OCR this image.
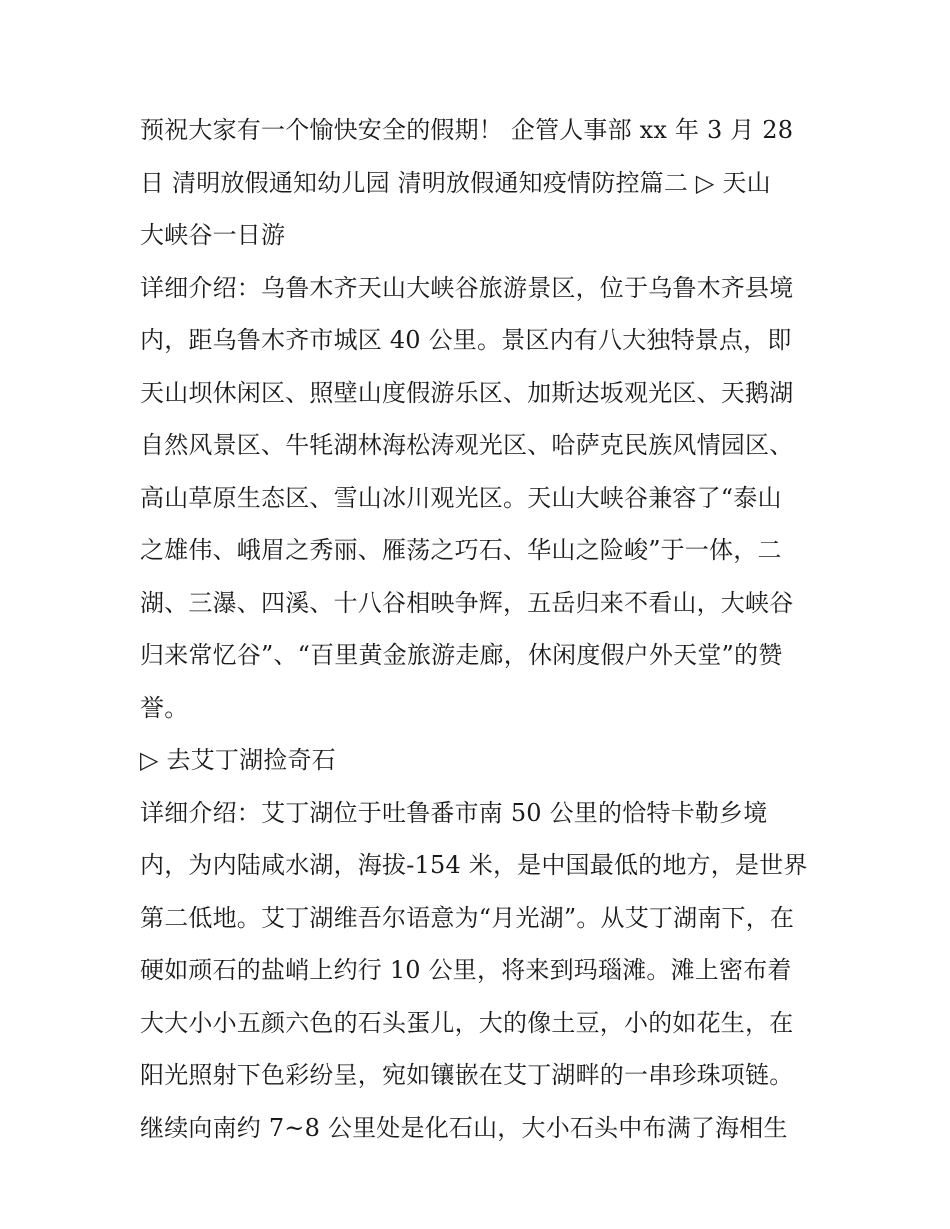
预祝大家有一个愉快安全的假期！ 企管人事部 xx 年 3 月 28
日 清明放假通知幼儿园 清明放假通知疫情防控篇二 ▷ 天山
大峡谷一日游
详细介绍：乌鲁木齐天山大峡谷旅游景区，位于乌鲁木齐县境
内，距乌鲁木齐市城区 40 公里。景区内有八大独特景点，即
天山坝休闲区、照壁山度假游乐区、加斯达坂观光区、天鹅湖
自然风景区、牛牦湖林海松涛观光区、哈萨克民族风情园区、
高山草原生态区、雪山冰川观光区。天山大峡谷兼容了“泰山
之雄伟、峨眉之秀丽、雁荡之巧石、华山之险峻”于一体，二
湖、三瀑、四溪、十八谷相映争辉，五岳归来不看山，大峡谷
归来常忆谷”、“百里黄金旅游走廊，休闲度假户外天堂”的赞
誉。
▷ 去艾丁湖捡奇石
详细介绍：艾丁湖位于吐鲁番市南 50 公里的恰特卡勒乡境
内，为内陆咸水湖，海拔-154 米，是中国最低的地方，是世界
第二低地。艾丁湖维吾尔语意为“月光湖”。从艾丁湖南下，在
硬如顽石的盐峭上约行 10 公里，将来到玛瑙滩。滩上密布着
大大小小五颜六色的石头蛋儿，大的像土豆，小的如花生，在
阳光照射下色彩纷呈，宛如镶嵌在艾丁湖畔的一串珍珠项链。
继续向南约 7~8 公里处是化石山，大小石头中布满了海相生
